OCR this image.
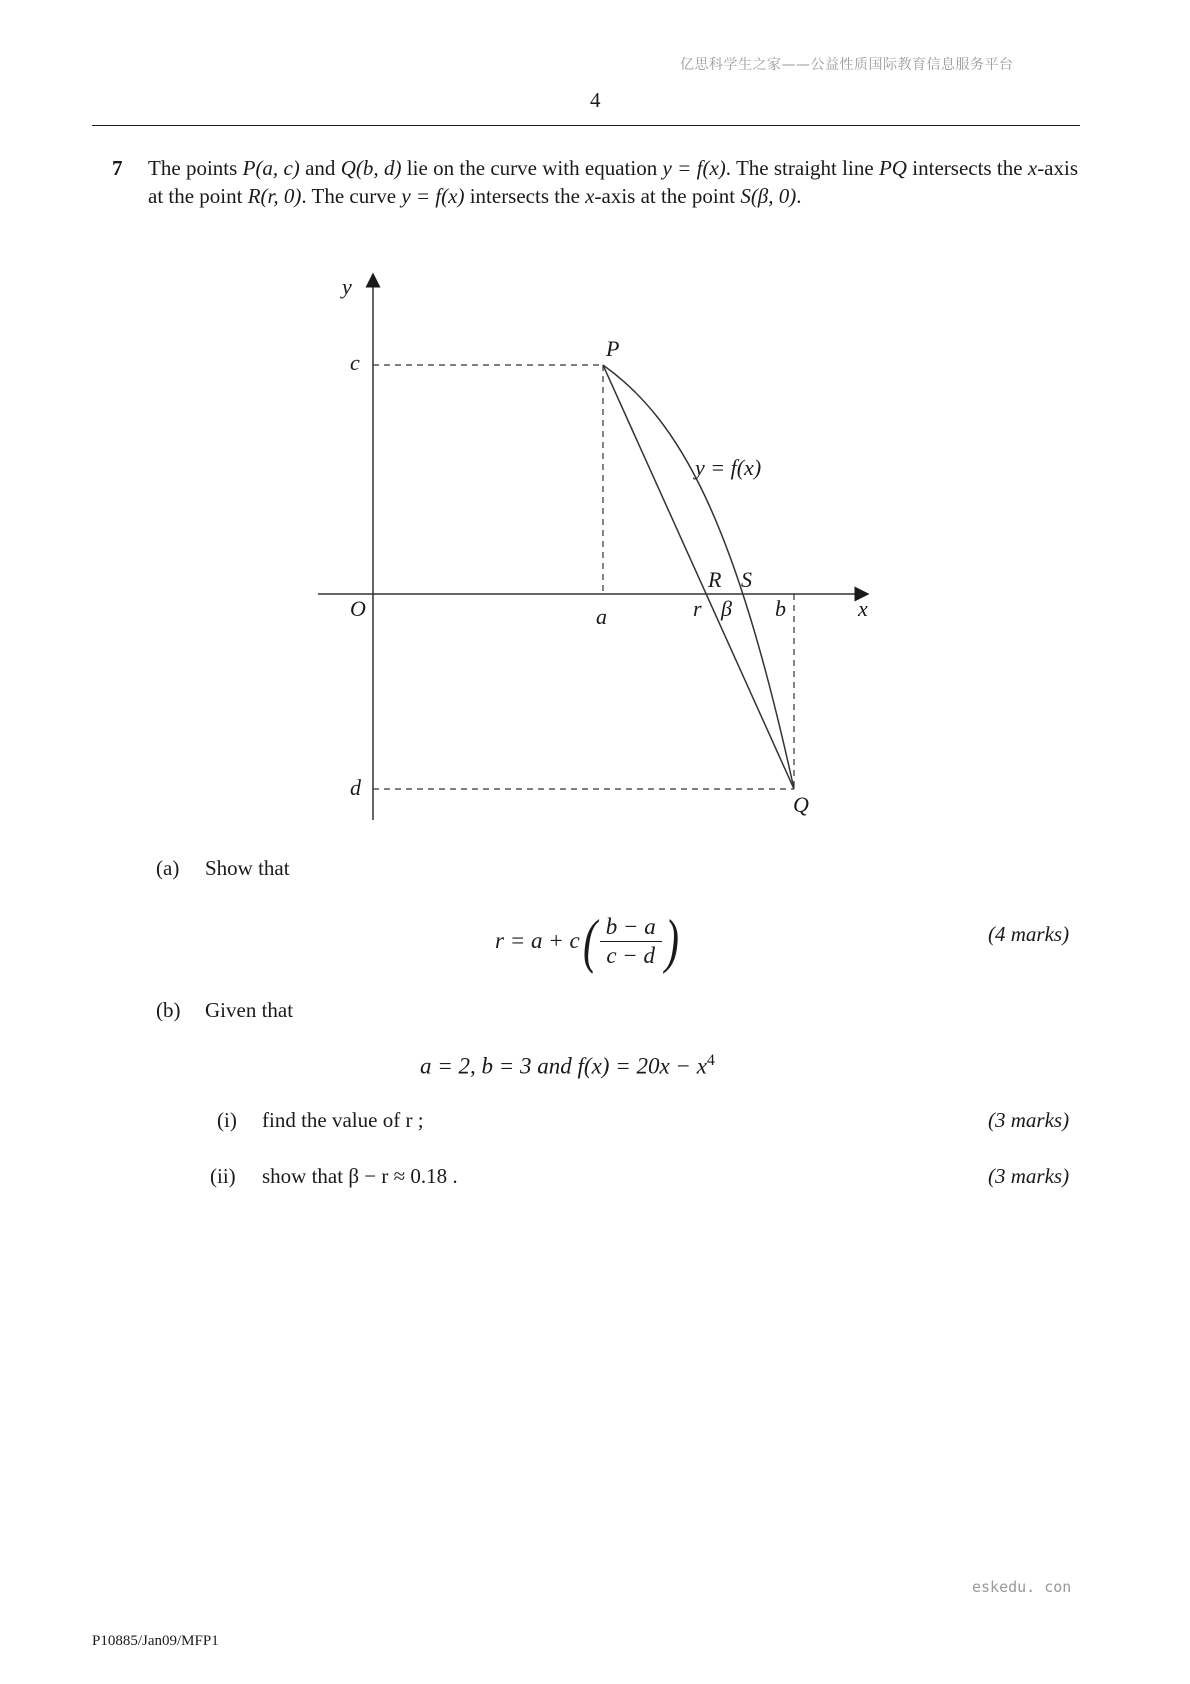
亿思科学生之家——公益性质国际教育信息服务平台
4
7 The points P(a, c) and Q(b, d) lie on the curve with equation y = f(x). The straight line PQ intersects the x-axis at the point R(r, 0). The curve y = f(x) intersects the x-axis at the point S(β, 0).
y
x
O
c
d
a	b
r β
P
Q
R S
y = f(x)
(a) Show that
r = a + c ( $\frac{b - a}{c - d}$ )	(4 marks)
(b) Given that
a = 2, b = 3 and $f(x) = 20x - x^4$
(i) find the value of r ;	(3 marks)
(ii) show that β − r ≈ 0.18 .	(3 marks)
eskedu. con
P10885/Jan09/MFP1
